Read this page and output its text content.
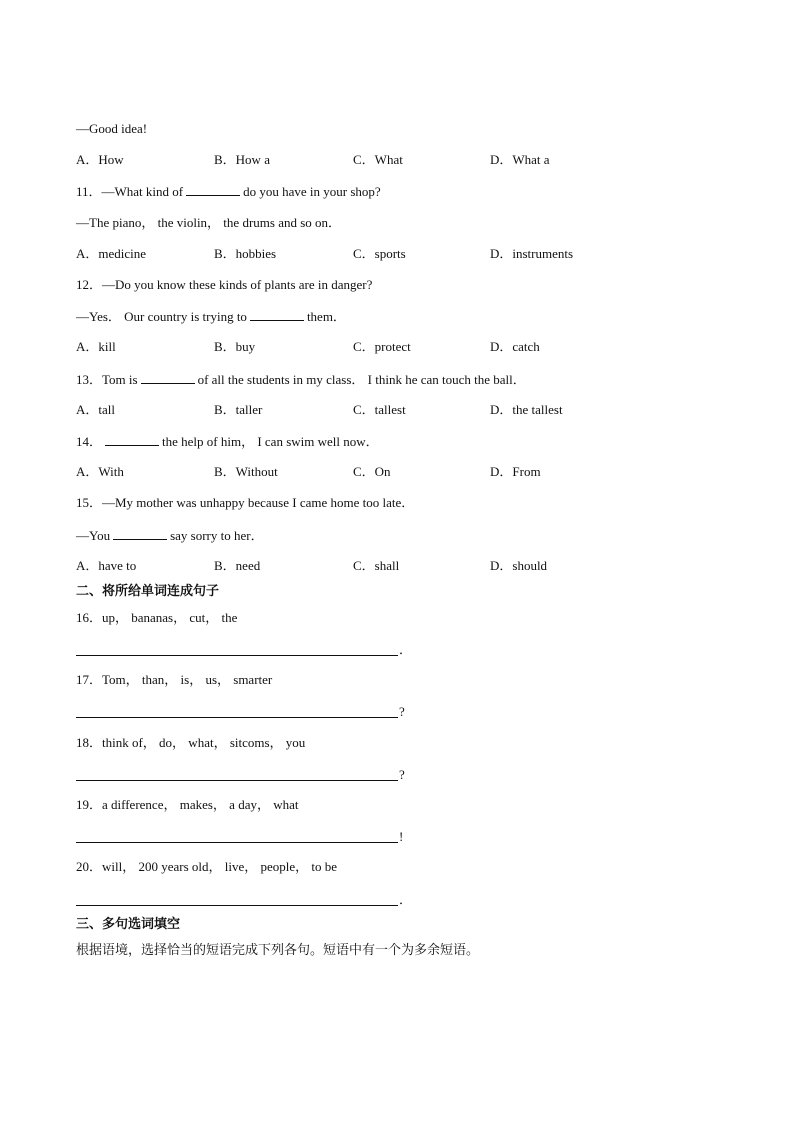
—Good idea!
A．How	B．How a	C．What	D．What a
11．—What kind of	do you have in your shop?
—The piano， the violin， the drums and so on．
A．medicine	B．hobbies	C．sports	D．instruments
12．—Do you know these kinds of plants are in danger?
—Yes． Our country is trying to	them．
A．kill	B．buy	C．protect	D．catch
13．Tom is	of all the students in my class． I think he can touch the ball．
A．tall	B．taller	C．tallest	D．the tallest
14．	the help of him， I can swim well now．
A．With	B．Without	C．On	D．From
15．—My mother was unhappy because I came home too late．
—You	say sorry to her．
A．have to	B．need	C．shall	D．should
二、将所给单词连成句子
16．up， bananas， cut， the
．
17．Tom， than， is， us， smarter
?
18．think of， do， what， sitcoms， you
?
19．a difference， makes， a day， what
!
20．will， 200 years old， live， people， to be
．
三、多句选词填空
根据语境，选择恰当的短语完成下列各句。短语中有一个为多余短语。
